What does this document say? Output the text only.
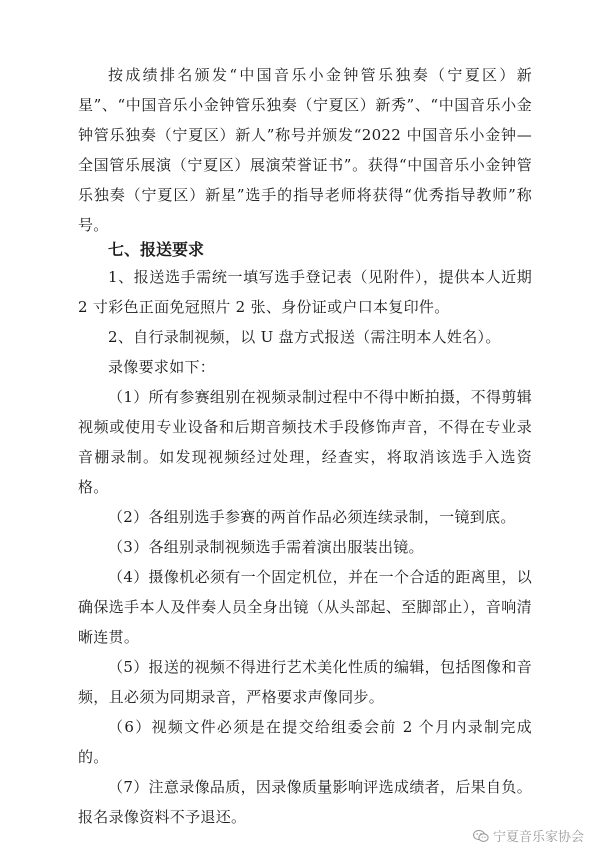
按成绩排名颁发“中国音乐小金钟管乐独奏（宁夏区）新星”、“中国音乐小金钟管乐独奏（宁夏区）新秀”、“中国音乐小金钟管乐独奏（宁夏区）新人”称号并颁发“2022 中国音乐小金钟—全国管乐展演（宁夏区）展演荣誉证书”。获得“中国音乐小金钟管乐独奏（宁夏区）新星”选手的指导老师将获得“优秀指导教师”称号。

七、报送要求

1、报送选手需统一填写选手登记表（见附件），提供本人近期 2 寸彩色正面免冠照片 2 张、身份证或户口本复印件。

2、自行录制视频，以 U 盘方式报送（需注明本人姓名）。

录像要求如下：

（1）所有参赛组别在视频录制过程中不得中断拍摄，不得剪辑视频或使用专业设备和后期音频技术手段修饰声音，不得在专业录音棚录制。如发现视频经过处理，经查实，将取消该选手入选资格。

（2）各组别选手参赛的两首作品必须连续录制，一镜到底。

（3）各组别录制视频选手需着演出服装出镜。

（4）摄像机必须有一个固定机位，并在一个合适的距离里，以确保选手本人及伴奏人员全身出镜（从头部起、至脚部止），音响清晰连贯。

（5）报送的视频不得进行艺术美化性质的编辑，包括图像和音频，且必须为同期录音，严格要求声像同步。

（6）视频文件必须是在提交给组委会前 2 个月内录制完成的。

（7）注意录像品质，因录像质量影响评选成绩者，后果自负。报名录像资料不予退还。

宁夏音乐家协会
